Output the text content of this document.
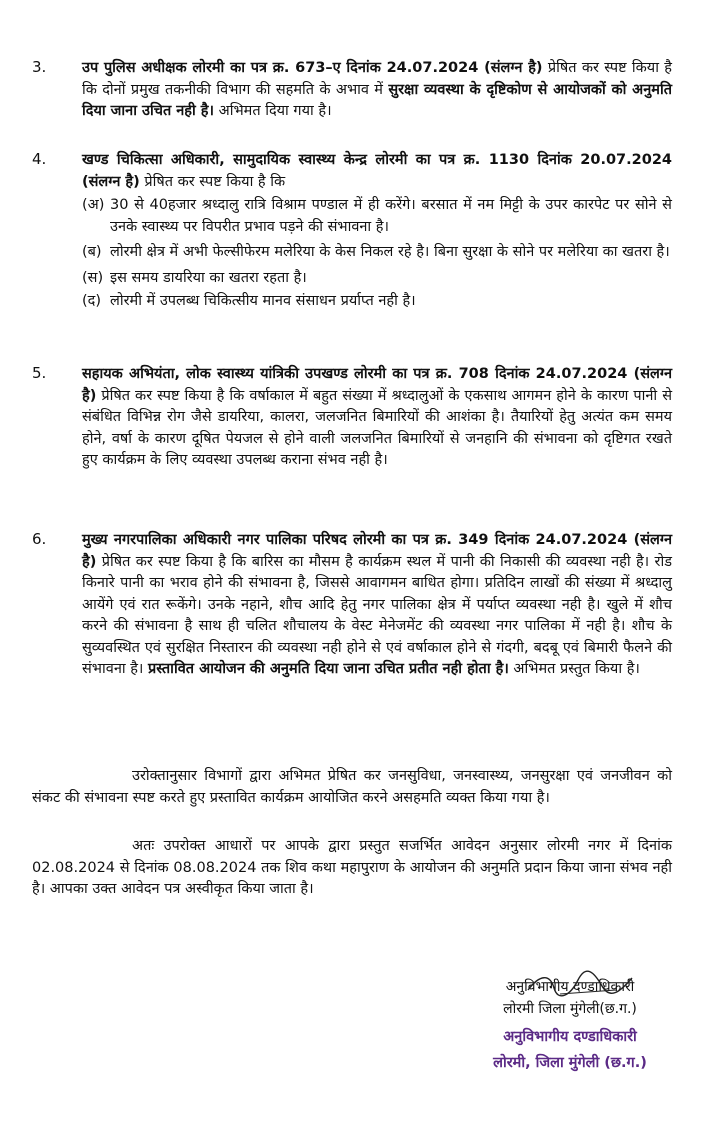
3. उप पुलिस अधीक्षक लोरमी का पत्र क्र. 673–ए दिनांक 24.07.2024 (संलग्न है) प्रेषित कर स्पष्ट किया है कि दोनों प्रमुख तकनीकी विभाग की सहमति के अभाव में सुरक्षा व्यवस्था के दृष्टिकोण से आयोजकों को अनुमति दिया जाना उचित नही है। अभिमत दिया गया है।
4. खण्ड चिकित्सा अधिकारी, सामुदायिक स्वास्थ्य केन्द्र लोरमी का पत्र क्र. 1130 दिनांक 20.07.2024 (संलग्न है) प्रेषित कर स्पष्ट किया है कि
(अ) 30 से 40हजार श्रध्दालु रात्रि विश्राम पण्डाल में ही करेंगे। बरसात में नम मिट्टी के उपर कारपेट पर सोने से उनके स्वास्थ्य पर विपरीत प्रभाव पड़ने की संभावना है।
(ब) लोरमी क्षेत्र में अभी फेल्सीफेरम मलेरिया के केस निकल रहे है। बिना सुरक्षा के सोने पर मलेरिया का खतरा है।
(स) इस समय डायरिया का खतरा रहता है।
(द) लोरमी में उपलब्ध चिकित्सीय मानव संसाधन प्रर्याप्त नही है।
5. सहायक अभियंता, लोक स्वास्थ्य यांत्रिकी उपखण्ड लोरमी का पत्र क्र. 708 दिनांक 24.07.2024 (संलग्न है) प्रेषित कर स्पष्ट किया है कि वर्षाकाल में बहुत संख्या में श्रध्दालुओं के एकसाथ आगमन होने के कारण पानी से संबंधित विभिन्न रोग जैसे डायरिया, कालरा, जलजनित बिमारियों की आशंका है। तैयारियों हेतु अत्यंत कम समय होने, वर्षा के कारण दूषित पेयजल से होने वाली जलजनित बिमारियों से जनहानि की संभावना को दृष्टिगत रखते हुए कार्यक्रम के लिए व्यवस्था उपलब्ध कराना संभव नही है।
6. मुख्य नगरपालिका अधिकारी नगर पालिका परिषद लोरमी का पत्र क्र. 349 दिनांक 24.07.2024 (संलग्न है) प्रेषित कर स्पष्ट किया है कि बारिस का मौसम है कार्यक्रम स्थल में पानी की निकासी की व्यवस्था नही है। रोड किनारे पानी का भराव होने की संभावना है, जिससे आवागमन बाधित होगा। प्रतिदिन लाखों की संख्या में श्रध्दालु आयेंगे एवं रात रूकेंगे। उनके नहाने, शौच आदि हेतु नगर पालिका क्षेत्र में पर्याप्त व्यवस्था नही है। खुले में शौच करने की संभावना है साथ ही चलित शौचालय के वेस्ट मेनेजमेंट की व्यवस्था नगर पालिका में नही है। शौच के सुव्यवस्थित एवं सुरक्षित निस्तारन की व्यवस्था नही होने से एवं वर्षाकाल होने से गंदगी, बदबू एवं बिमारी फैलने की संभावना है। प्रस्तावित आयोजन की अनुमति दिया जाना उचित प्रतीत नही होता है। अभिमत प्रस्तुत किया है।
उरोक्तानुसार विभागों द्वारा अभिमत प्रेषित कर जनसुविधा, जनस्वास्थ्य, जनसुरक्षा एवं जनजीवन को संकट की संभावना स्पष्ट करते हुए प्रस्तावित कार्यक्रम आयोजित करने असहमति व्यक्त किया गया है।
अतः उपरोक्त आधारों पर आपके द्वारा प्रस्तुत सजर्भित आवेदन अनुसार लोरमी नगर में दिनांक 02.08.2024 से दिनांक 08.08.2024 तक शिव कथा महापुराण के आयोजन की अनुमति प्रदान किया जाना संभव नही है। आपका उक्त आवेदन पत्र अस्वीकृत किया जाता है।
अनुविभागीय दण्डाधिकारी
लोरमी जिला मुंगेली(छ.ग.)
अनुविभागीय दण्डाधिकारी
लोरमी, जिला मुंगेली (छ.ग.)
